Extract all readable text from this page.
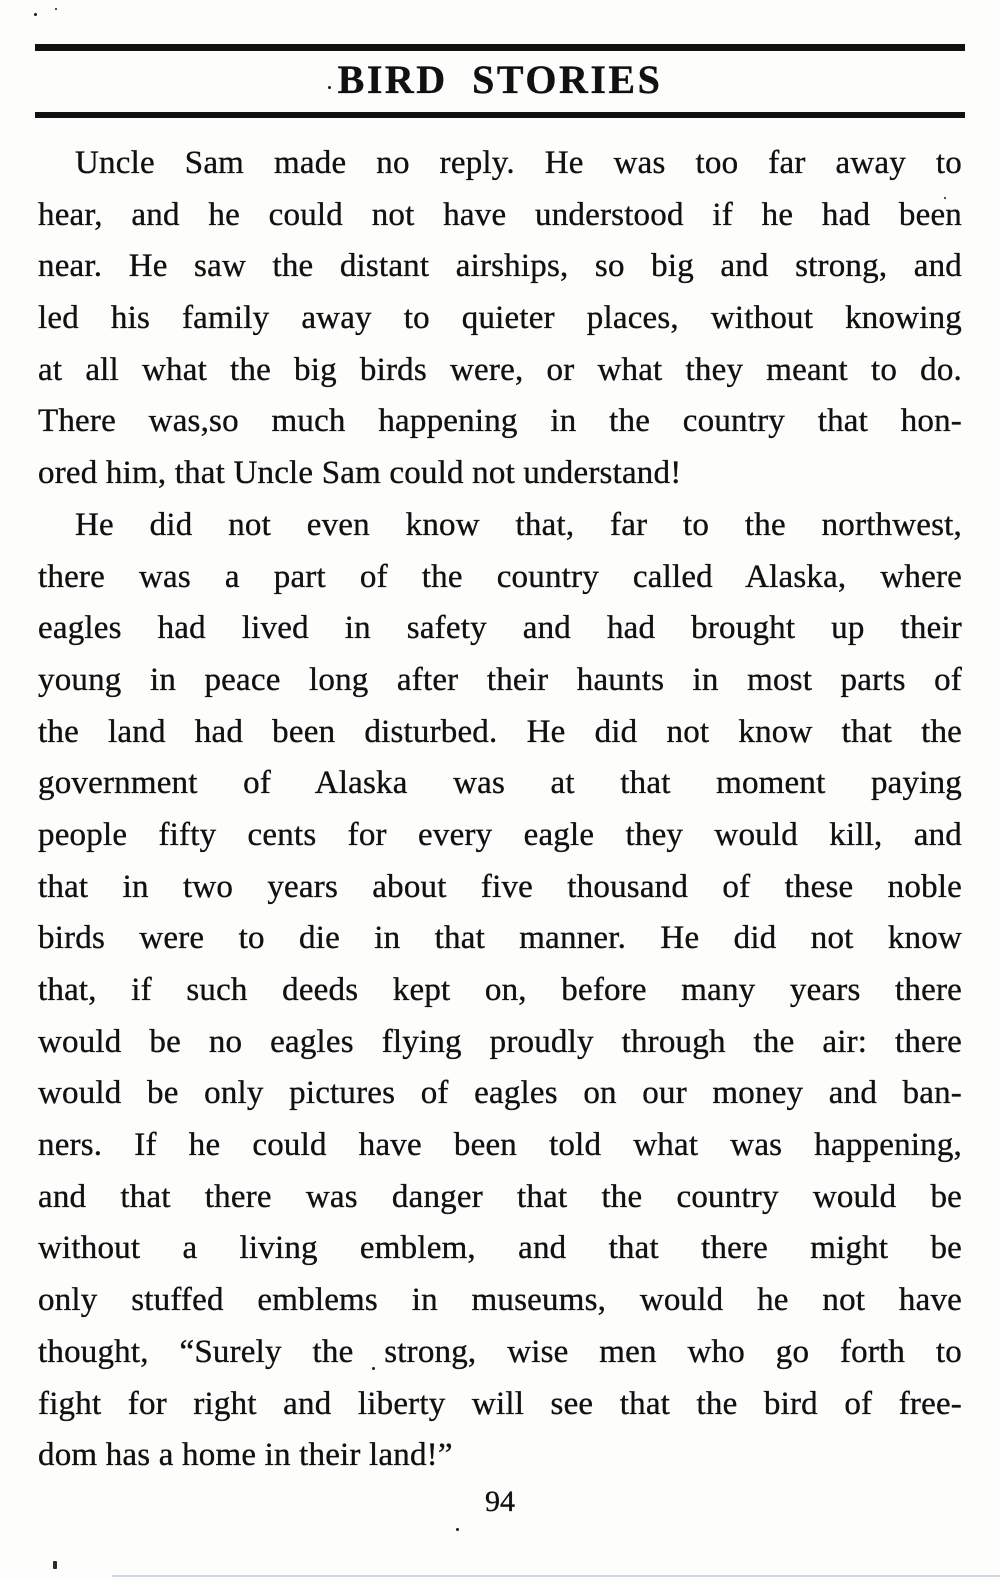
BIRD STORIES
Uncle Sam made no reply. He was too far away to
hear, and he could not have understood if he had been
near. He saw the distant airships, so big and strong, and
led his family away to quieter places, without knowing
at all what the big birds were, or what they meant to do.
There was,so much happening in the country that hon-
ored him, that Uncle Sam could not understand!
He did not even know that, far to the northwest,
there was a part of the country called Alaska, where
eagles had lived in safety and had brought up their
young in peace long after their haunts in most parts of
the land had been disturbed. He did not know that the
government of Alaska was at that moment paying
people fifty cents for every eagle they would kill, and
that in two years about five thousand of these noble
birds were to die in that manner. He did not know
that, if such deeds kept on, before many years there
would be no eagles flying proudly through the air: there
would be only pictures of eagles on our money and ban-
ners. If he could have been told what was happening,
and that there was danger that the country would be
without a living emblem, and that there might be
only stuffed emblems in museums, would he not have
thought, “Surely the strong, wise men who go forth to
fight for right and liberty will see that the bird of free-
dom has a home in their land!”
94
